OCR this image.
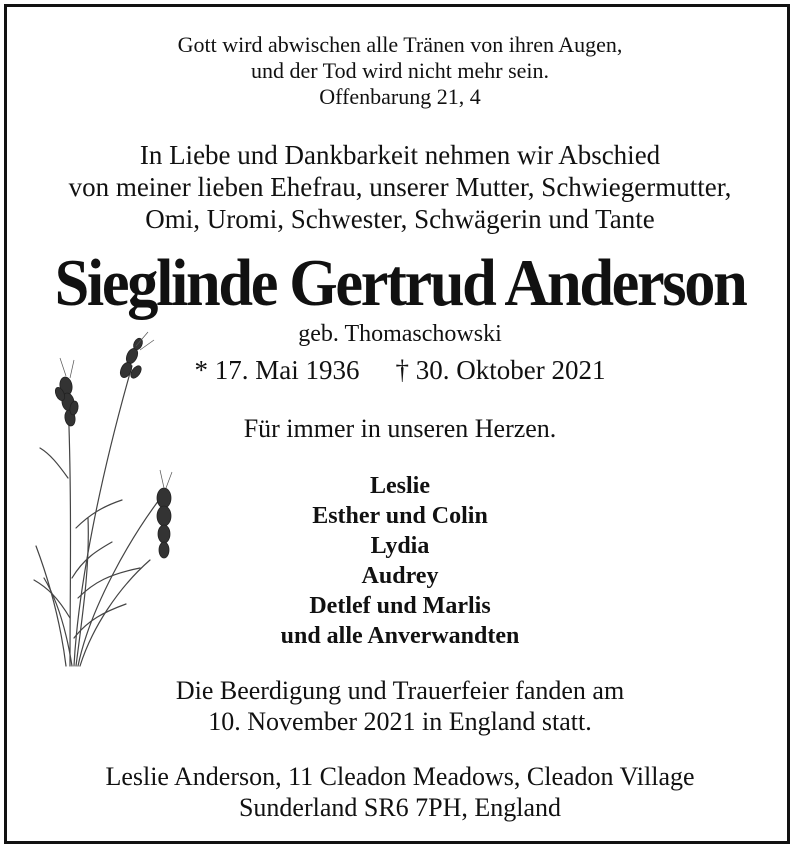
Gott wird abwischen alle Tränen von ihren Augen,
und der Tod wird nicht mehr sein.
Offenbarung 21, 4
In Liebe und Dankbarkeit nehmen wir Abschied
von meiner lieben Ehefrau, unserer Mutter, Schwiegermutter,
Omi, Uromi, Schwester, Schwägerin und Tante
Sieglinde Gertrud Anderson
geb. Thomaschowski
* 17. Mai 1936 † 30. Oktober 2021
Für immer in unseren Herzen.
Leslie
Esther und Colin
Lydia
Audrey
Detlef und Marlis
und alle Anverwandten
Die Beerdigung und Trauerfeier fanden am
10. November 2021 in England statt.
Leslie Anderson, 11 Cleadon Meadows, Cleadon Village
Sunderland SR6 7PH, England
